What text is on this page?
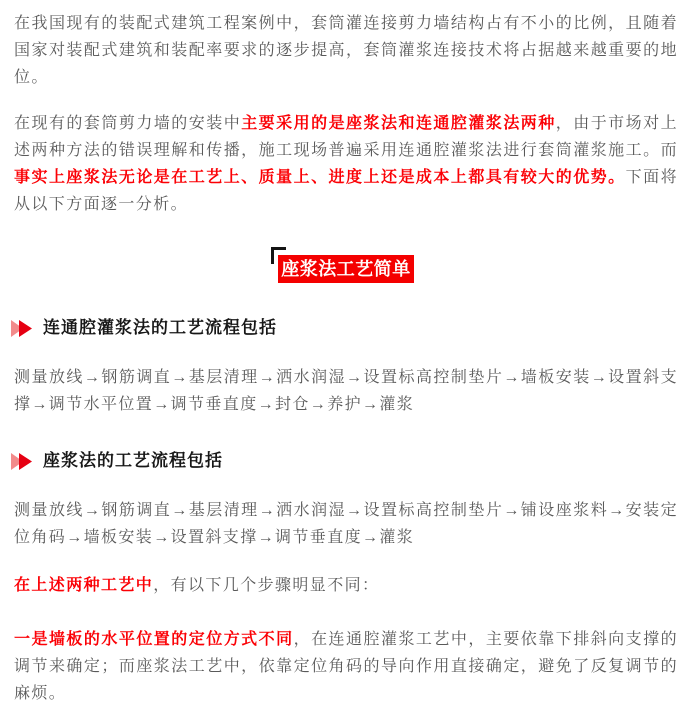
在我国现有的装配式建筑工程案例中，套筒灌连接剪力墙结构占有不小的比例，且随着国家对装配式建筑和装配率要求的逐步提高，套筒灌浆连接技术将占据越来越重要的地位。

在现有的套筒剪力墙的安装中主要采用的是座浆法和连通腔灌浆法两种，由于市场对上述两种方法的错误理解和传播，施工现场普遍采用连通腔灌浆法进行套筒灌浆施工。而事实上座浆法无论是在工艺上、质量上、进度上还是成本上都具有较大的优势。下面将从以下方面逐一分析。

座浆法工艺简单
连通腔灌浆法的工艺流程包括

测量放线→钢筋调直→基层清理→洒水润湿→设置标高控制垫片→墙板安装→设置斜支撑→调节水平位置→调节垂直度→封仓→养护→灌浆

座浆法的工艺流程包括

测量放线→钢筋调直→基层清理→洒水润湿→设置标高控制垫片→铺设座浆料→安装定位角码→墙板安装→设置斜支撑→调节垂直度→灌浆

在上述两种工艺中，有以下几个步骤明显不同：

一是墙板的水平位置的定位方式不同，在连通腔灌浆工艺中，主要依靠下排斜向支撑的调节来确定；而座浆法工艺中，依靠定位角码的导向作用直接确定，避免了反复调节的麻烦。
